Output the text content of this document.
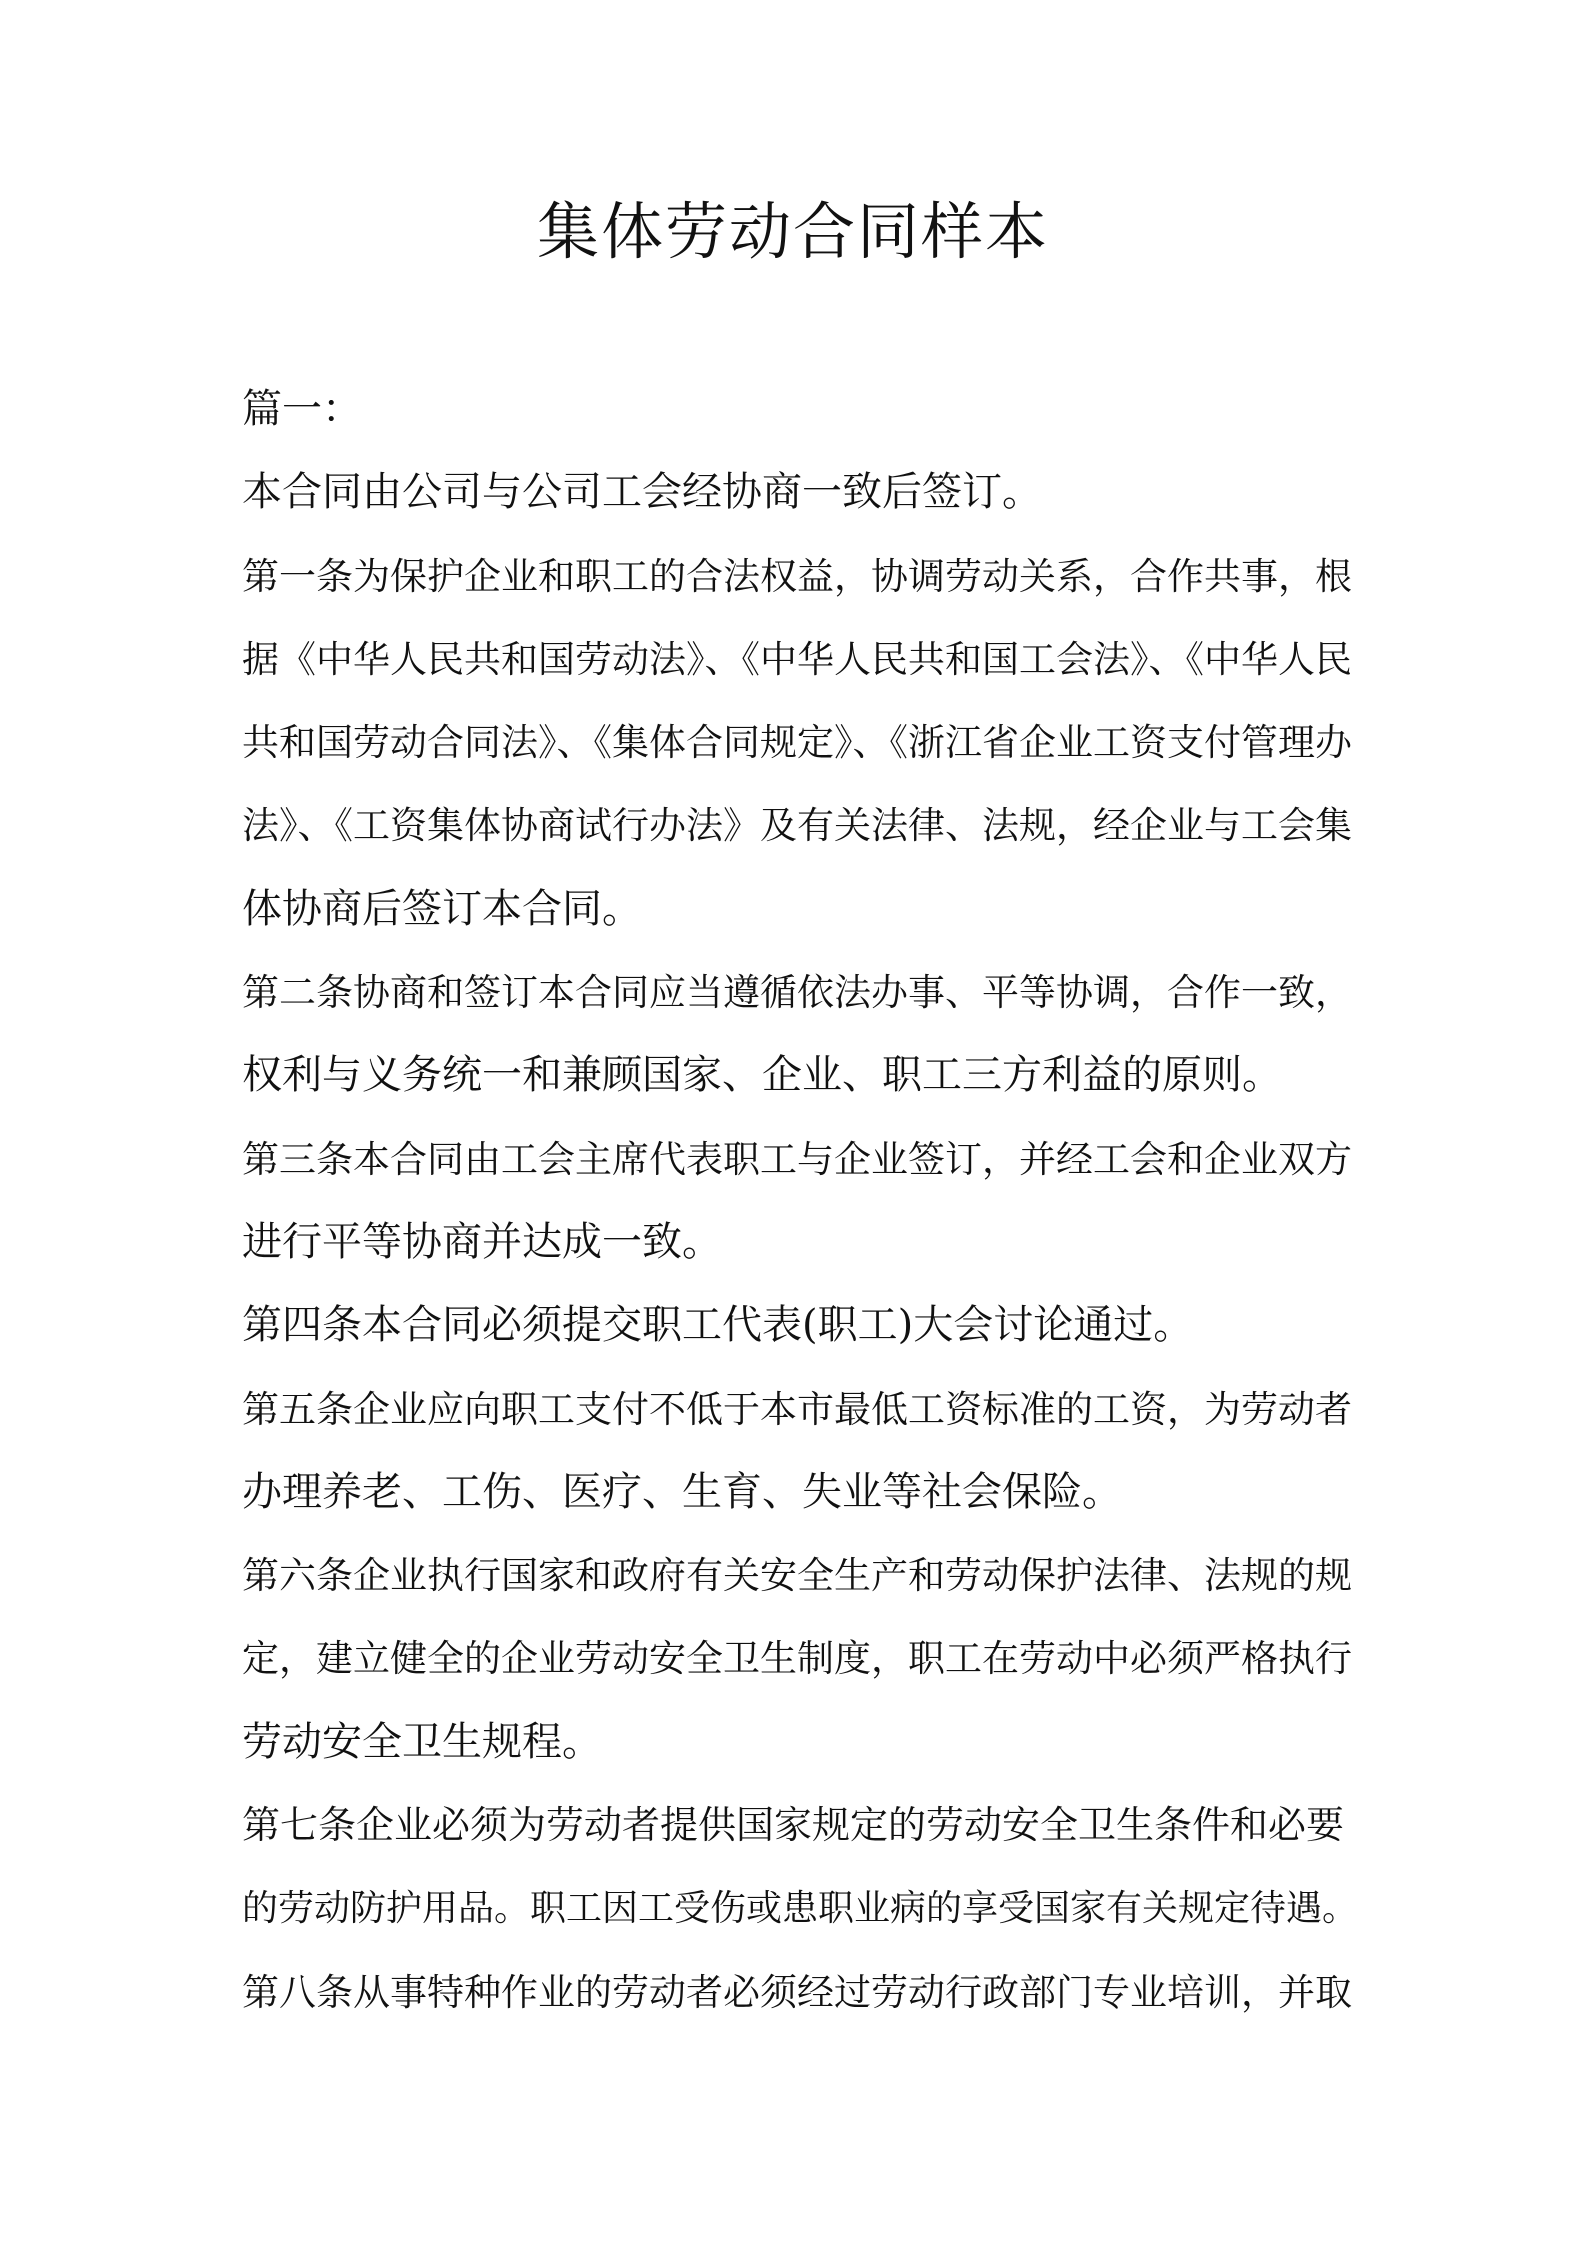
集体劳动合同样本
篇一：
本合同由公司与公司工会经协商一致后签订。
第一条为保护企业和职工的合法权益，协调劳动关系，合作共事，根
据《中华人民共和国劳动法》、《中华人民共和国工会法》、《中华人民
共和国劳动合同法》、《集体合同规定》、《浙江省企业工资支付管理办
法》、《工资集体协商试行办法》及有关法律、法规，经企业与工会集
体协商后签订本合同。
第二条协商和签订本合同应当遵循依法办事、平等协调，合作一致，
权利与义务统一和兼顾国家、企业、职工三方利益的原则。
第三条本合同由工会主席代表职工与企业签订，并经工会和企业双方
进行平等协商并达成一致。
第四条本合同必须提交职工代表(职工)大会讨论通过。
第五条企业应向职工支付不低于本市最低工资标准的工资，为劳动者
办理养老、工伤、医疗、生育、失业等社会保险。
第六条企业执行国家和政府有关安全生产和劳动保护法律、法规的规
定，建立健全的企业劳动安全卫生制度，职工在劳动中必须严格执行
劳动安全卫生规程。
第七条企业必须为劳动者提供国家规定的劳动安全卫生条件和必要
的劳动防护用品。职工因工受伤或患职业病的享受国家有关规定待遇。
第八条从事特种作业的劳动者必须经过劳动行政部门专业培训，并取
